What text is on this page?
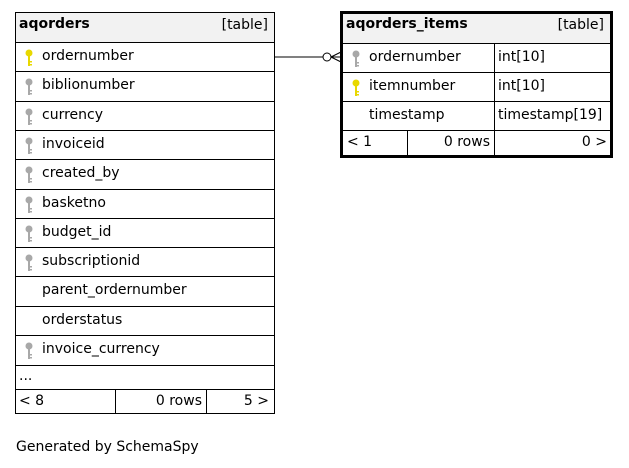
aqorders	[table]
ordernumber
biblionumber
currency
invoiceid
created_by
basketno
budget_id
subscriptionid
parent_ordernumber
orderstatus
invoice_currency
...
< 8	0 rows	5 >
aqorders_items	[table]
ordernumber	int[10]
itemnumber	int[10]
timestamp	timestamp[19]
< 1	0 rows	0 >
Generated by SchemaSpy
